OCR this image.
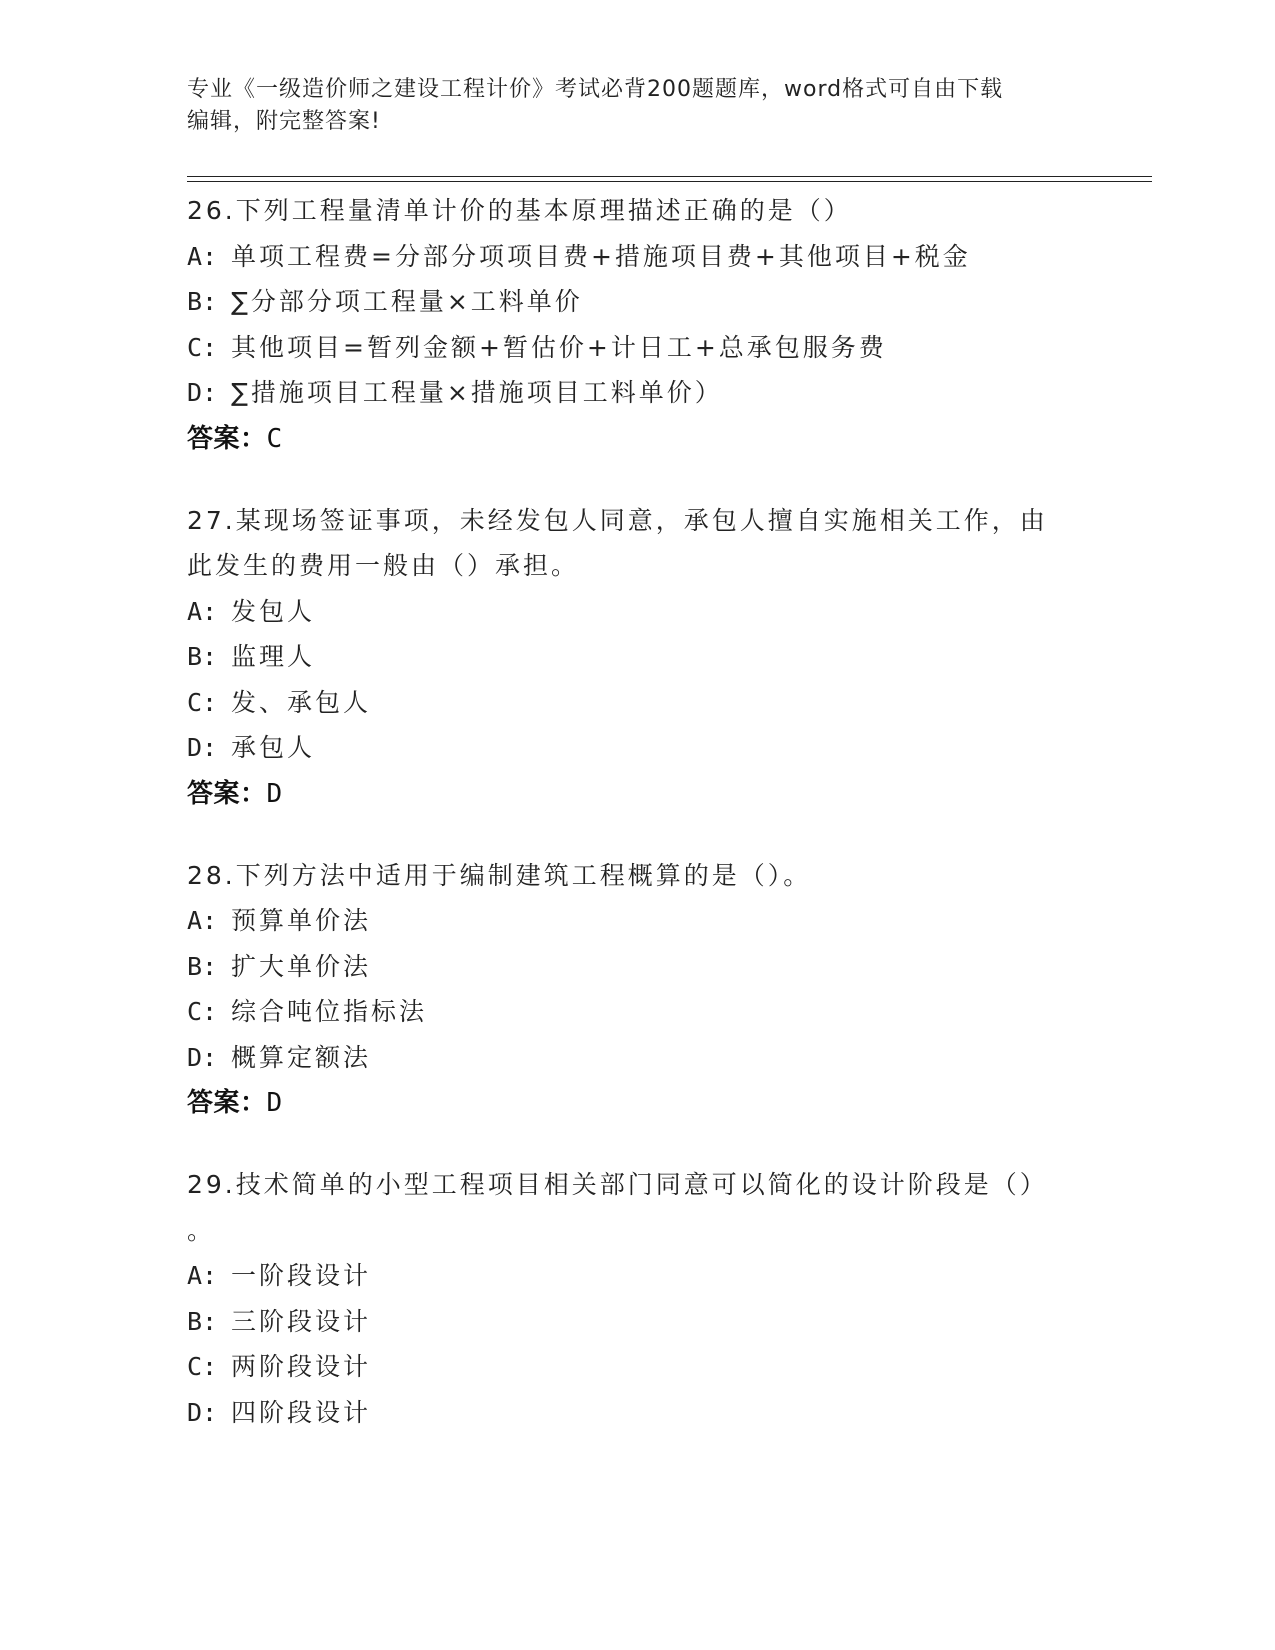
专业《一级造价师之建设工程计价》考试必背200题题库，word格式可自由下载
编辑，附完整答案!
26.下列工程量清单计价的基本原理描述正确的是（）
A: 单项工程费=分部分项项目费+措施项目费+其他项目+税金
B: ∑分部分项工程量×工料单价
C: 其他项目=暂列金额+暂估价+计日工+总承包服务费
D: ∑措施项目工程量×措施项目工料单价）
答案：C
27.某现场签证事项，未经发包人同意，承包人擅自实施相关工作，由
此发生的费用一般由（）承担。
A: 发包人
B: 监理人
C: 发、承包人
D: 承包人
答案：D
28.下列方法中适用于编制建筑工程概算的是（）。
A: 预算单价法
B: 扩大单价法
C: 综合吨位指标法
D: 概算定额法
答案：D
29.技术简单的小型工程项目相关部门同意可以简化的设计阶段是（）
。
A: 一阶段设计
B: 三阶段设计
C: 两阶段设计
D: 四阶段设计
